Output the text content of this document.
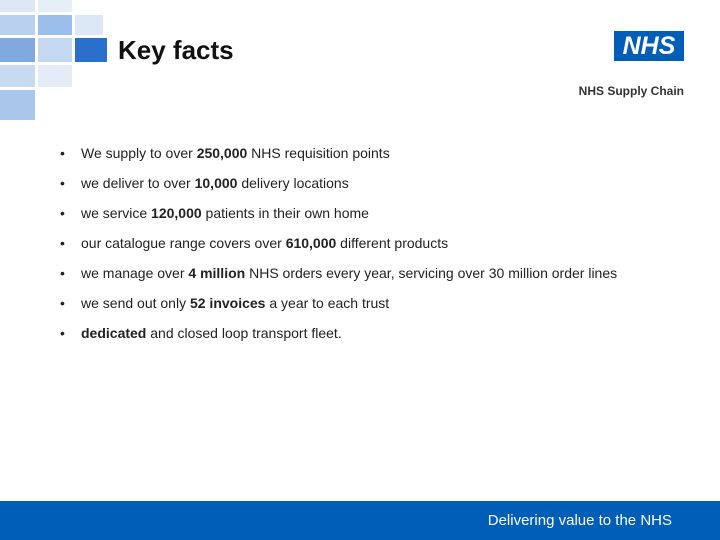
Key facts	NHS
NHS Supply Chain
• We supply to over 250,000 NHS requisition points
• we deliver to over 10,000 delivery locations
• we service 120,000 patients in their own home
• our catalogue range covers over 610,000 different products
• we manage over 4 million NHS orders every year, servicing over 30 million order lines
• we send out only 52 invoices a year to each trust
• dedicated and closed loop transport fleet.
Delivering value to the NHS
